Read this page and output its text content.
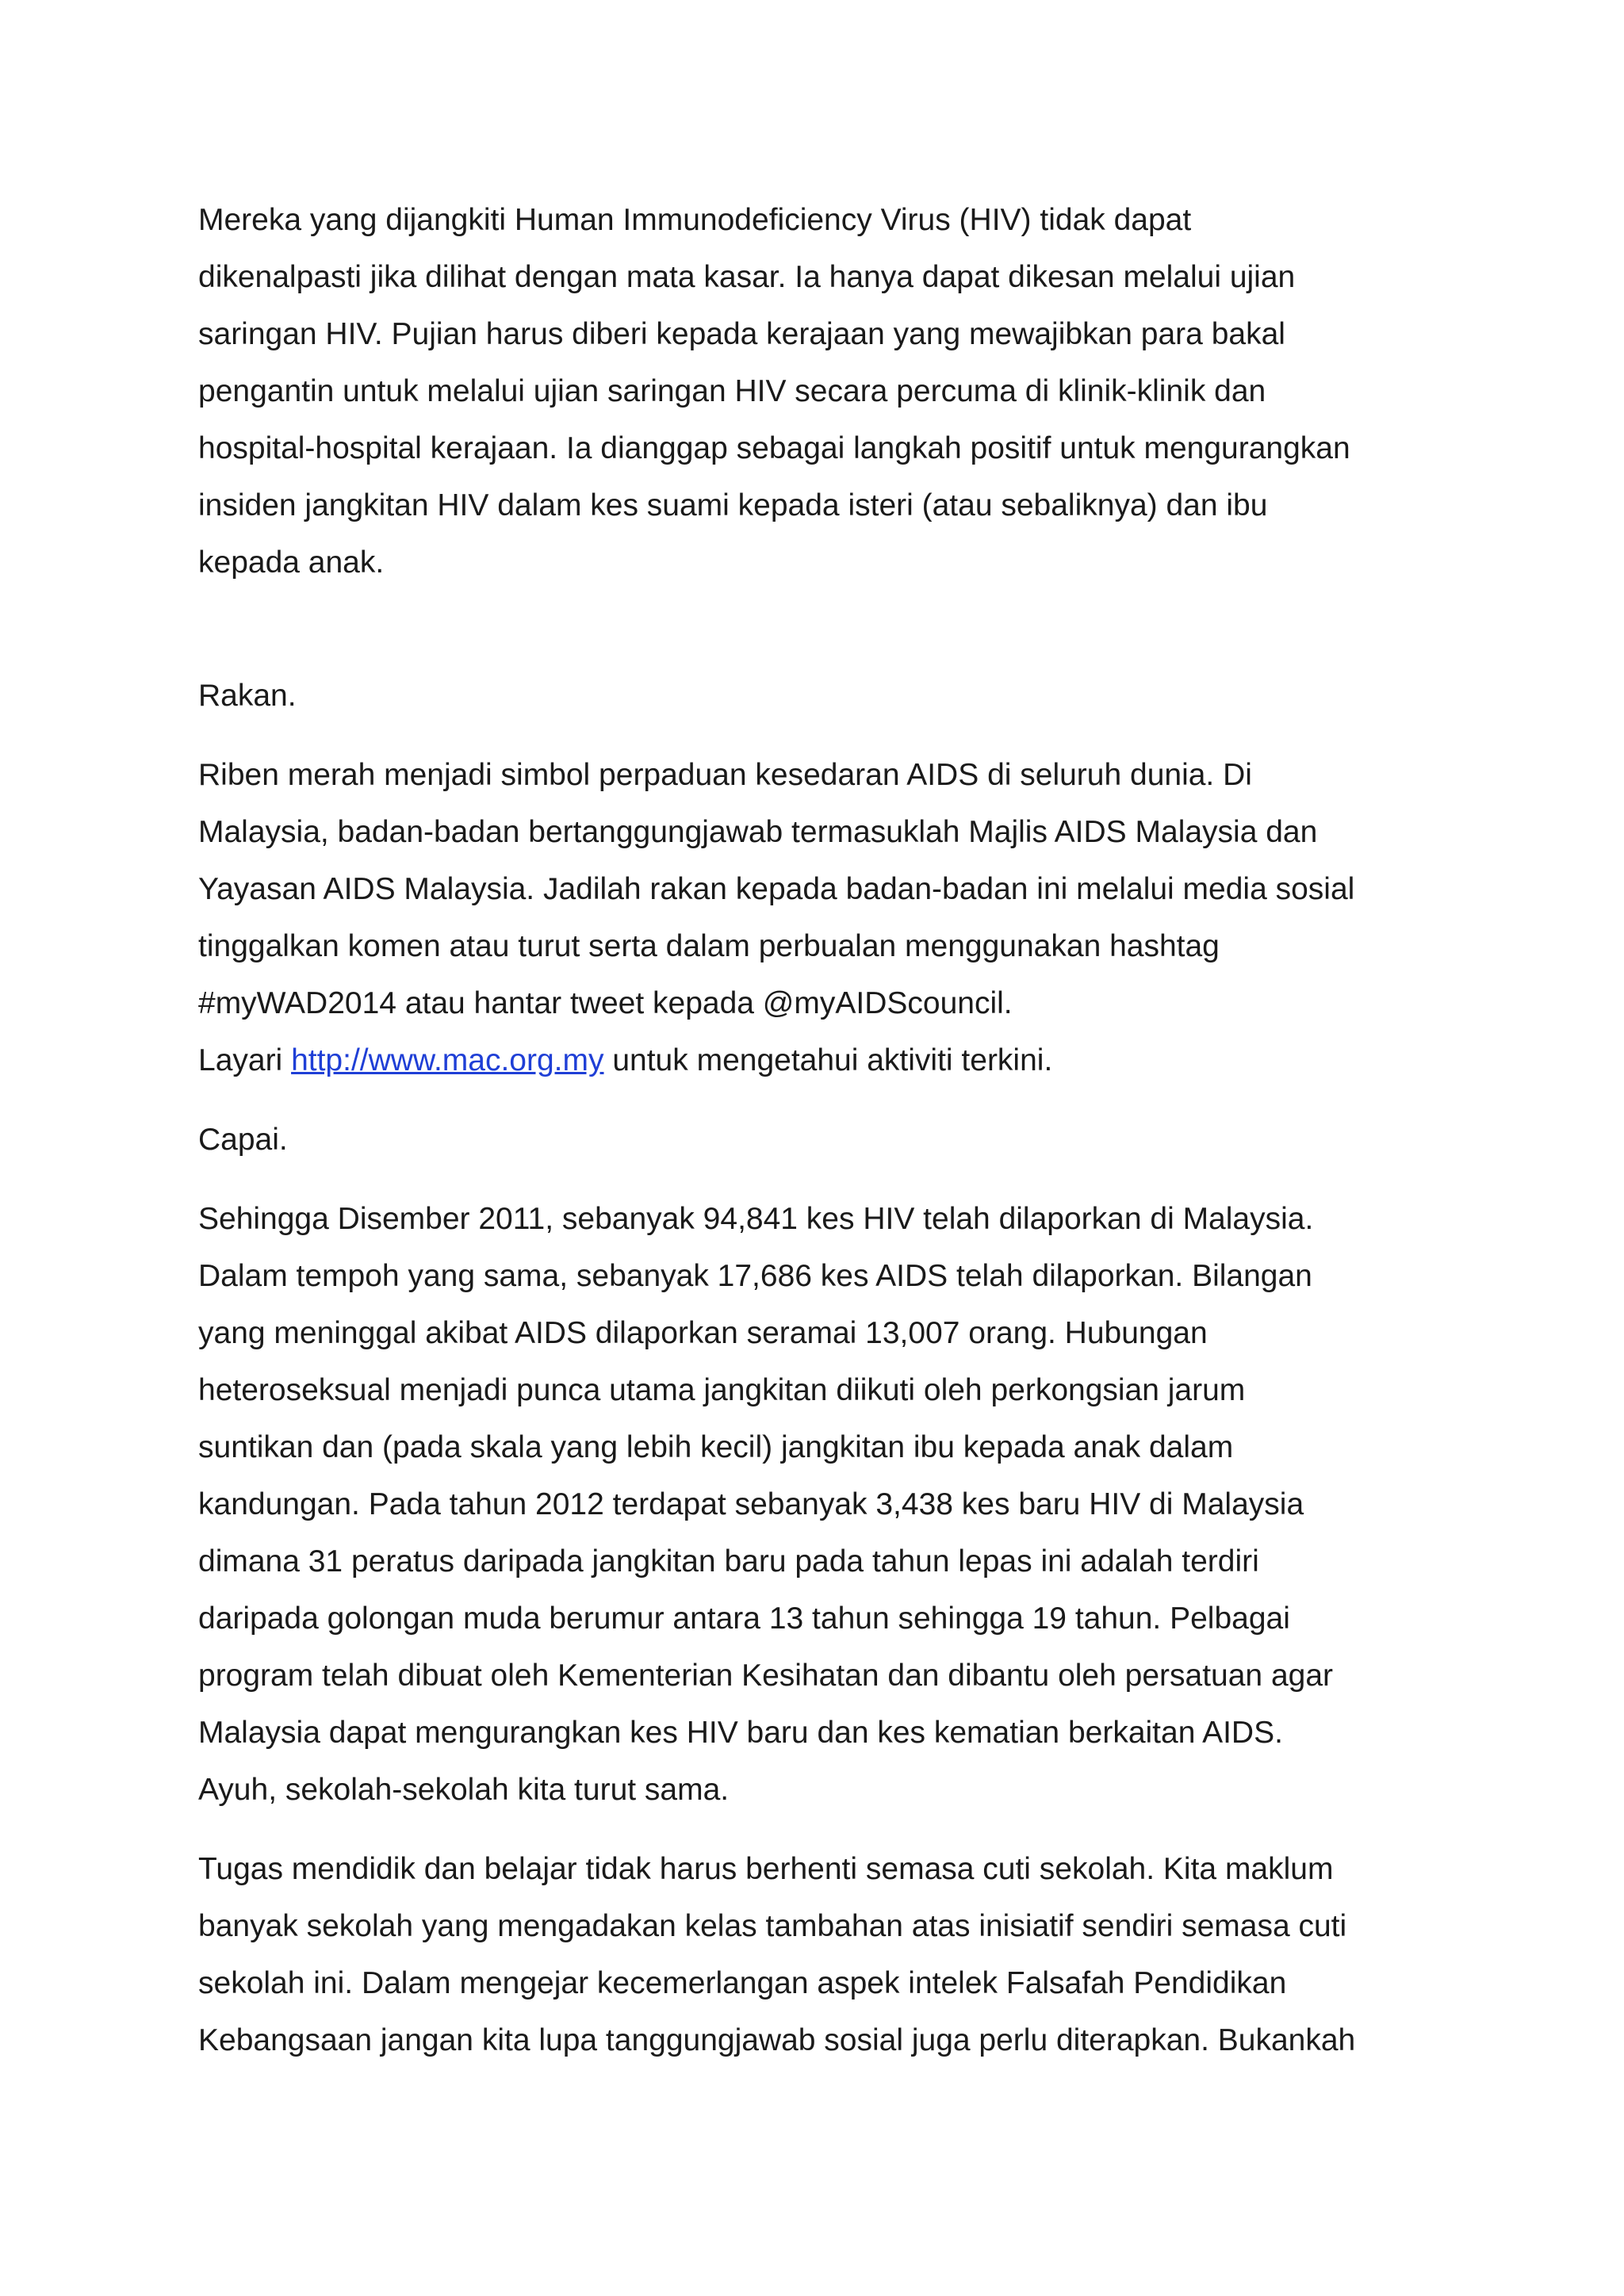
Mereka yang dijangkiti Human Immunodeficiency Virus (HIV) tidak dapat
dikenalpasti jika dilihat dengan mata kasar. Ia hanya dapat dikesan melalui ujian
saringan HIV. Pujian harus diberi kepada kerajaan yang mewajibkan para bakal
pengantin untuk melalui ujian saringan HIV secara percuma di klinik-klinik dan
hospital-hospital kerajaan. Ia dianggap sebagai langkah positif untuk mengurangkan
insiden jangkitan HIV dalam kes suami kepada isteri (atau sebaliknya) dan ibu
kepada anak.

Rakan.

Riben merah menjadi simbol perpaduan kesedaran AIDS di seluruh dunia. Di
Malaysia, badan-badan bertanggungjawab termasuklah Majlis AIDS Malaysia dan
Yayasan AIDS Malaysia. Jadilah rakan kepada badan-badan ini melalui media sosial
tinggalkan komen atau turut serta dalam perbualan menggunakan hashtag
#myWAD2014 atau hantar tweet kepada @myAIDScouncil.

Layari http://www.mac.org.my untuk mengetahui aktiviti terkini.

Capai.

Sehingga Disember 2011, sebanyak 94,841 kes HIV telah dilaporkan di Malaysia.
Dalam tempoh yang sama, sebanyak 17,686 kes AIDS telah dilaporkan. Bilangan
yang meninggal akibat AIDS dilaporkan seramai 13,007 orang. Hubungan
heteroseksual menjadi punca utama jangkitan diikuti oleh perkongsian jarum
suntikan dan (pada skala yang lebih kecil) jangkitan ibu kepada anak dalam
kandungan. Pada tahun 2012 terdapat sebanyak 3,438 kes baru HIV di Malaysia
dimana 31 peratus daripada jangkitan baru pada tahun lepas ini adalah terdiri
daripada golongan muda berumur antara 13 tahun sehingga 19 tahun. Pelbagai
program telah dibuat oleh Kementerian Kesihatan dan dibantu oleh persatuan agar
Malaysia dapat mengurangkan kes HIV baru dan kes kematian berkaitan AIDS.
Ayuh, sekolah-sekolah kita turut sama.

Tugas mendidik dan belajar tidak harus berhenti semasa cuti sekolah. Kita maklum
banyak sekolah yang mengadakan kelas tambahan atas inisiatif sendiri semasa cuti
sekolah ini. Dalam mengejar kecemerlangan aspek intelek Falsafah Pendidikan
Kebangsaan jangan kita lupa tanggungjawab sosial juga perlu diterapkan. Bukankah
